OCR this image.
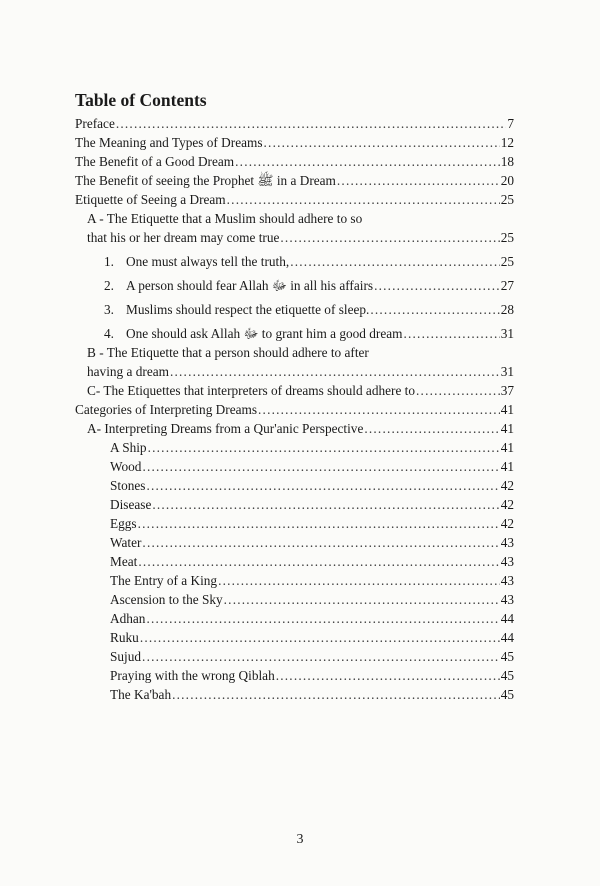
Table of Contents
Preface .....	7
The Meaning and Types of Dreams .....	12
The Benefit of a Good Dream .....	18
The Benefit of seeing the Prophet ﷺ in a Dream .....	20
Etiquette of Seeing a Dream .....	25
A - The Etiquette that a Muslim should adhere to so
that his or her dream may come true .....	25
1. One must always tell the truth, .....	25
2. A person should fear Allah ﷻ in all his affairs .....	27
3. Muslims should respect the etiquette of sleep. .....	28
4. One should ask Allah ﷻ to grant him a good dream .....	31
B - The Etiquette that a person should adhere to after
having a dream .....	31
C- The Etiquettes that interpreters of dreams should adhere to .....	37
Categories of Interpreting Dreams .....	41
A- Interpreting Dreams from a Qur'anic Perspective .....	41
A Ship .....	41
Wood .....	41
Stones .....	42
Disease .....	42
Eggs .....	42
Water .....	43
Meat .....	43
The Entry of a King .....	43
Ascension to the Sky .....	43
Adhan .....	44
Ruku .....	44
Sujud .....	45
Praying with the wrong Qiblah .....	45
The Ka'bah .....	45
3
